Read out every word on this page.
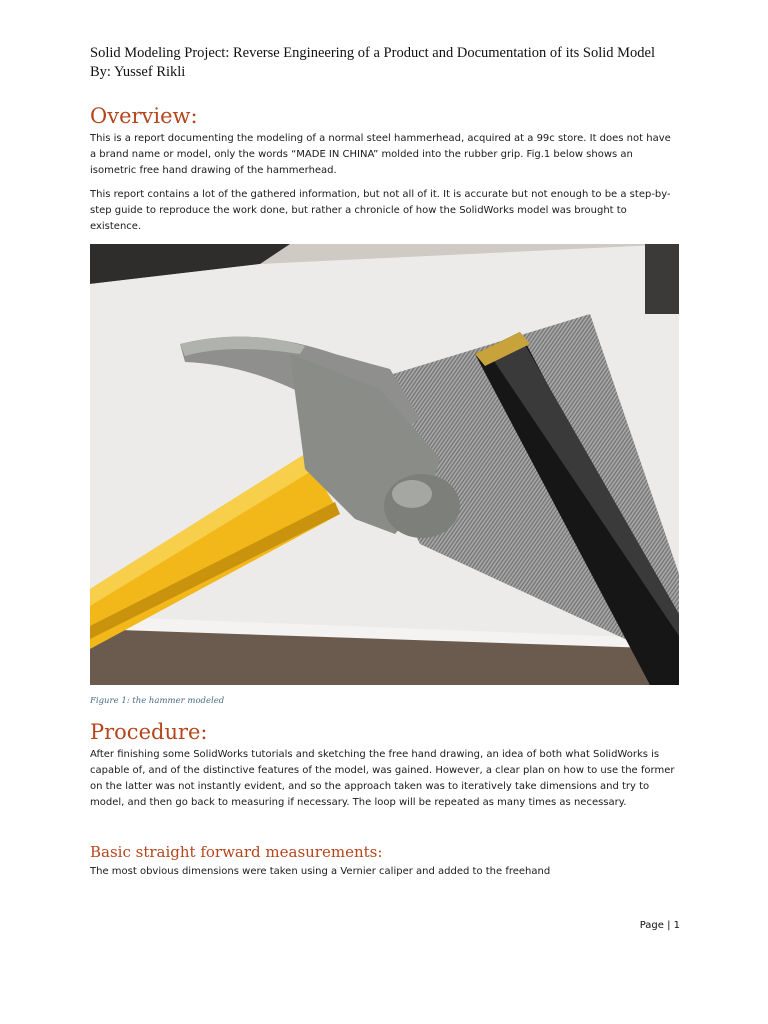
Solid Modeling Project: Reverse Engineering of a Product and Documentation of its Solid Model
By: Yussef Rikli
Overview:

This is a report documenting the modeling of a normal steel hammerhead, acquired at a 99c store. It does not have a brand name or model, only the words “MADE IN CHINA” molded into the rubber grip. Fig.1 below shows an isometric free hand drawing of the hammerhead.

This report contains a lot of the gathered information, but not all of it. It is accurate but not enough to be a step-by-step guide to reproduce the work done, but rather a chronicle of how the SolidWorks model was brought to existence.

Figure 1: the hammer modeled
Procedure:

After finishing some SolidWorks tutorials and sketching the free hand drawing, an idea of both what SolidWorks is capable of, and of the distinctive features of the model, was gained. However, a clear plan on how to use the former on the latter was not instantly evident, and so the approach taken was to iteratively take dimensions and try to model, and then go back to measuring if necessary. The loop will be repeated as many times as necessary.

Basic straight forward measurements:

The most obvious dimensions were taken using a Vernier caliper and added to the freehand

Page | 1
